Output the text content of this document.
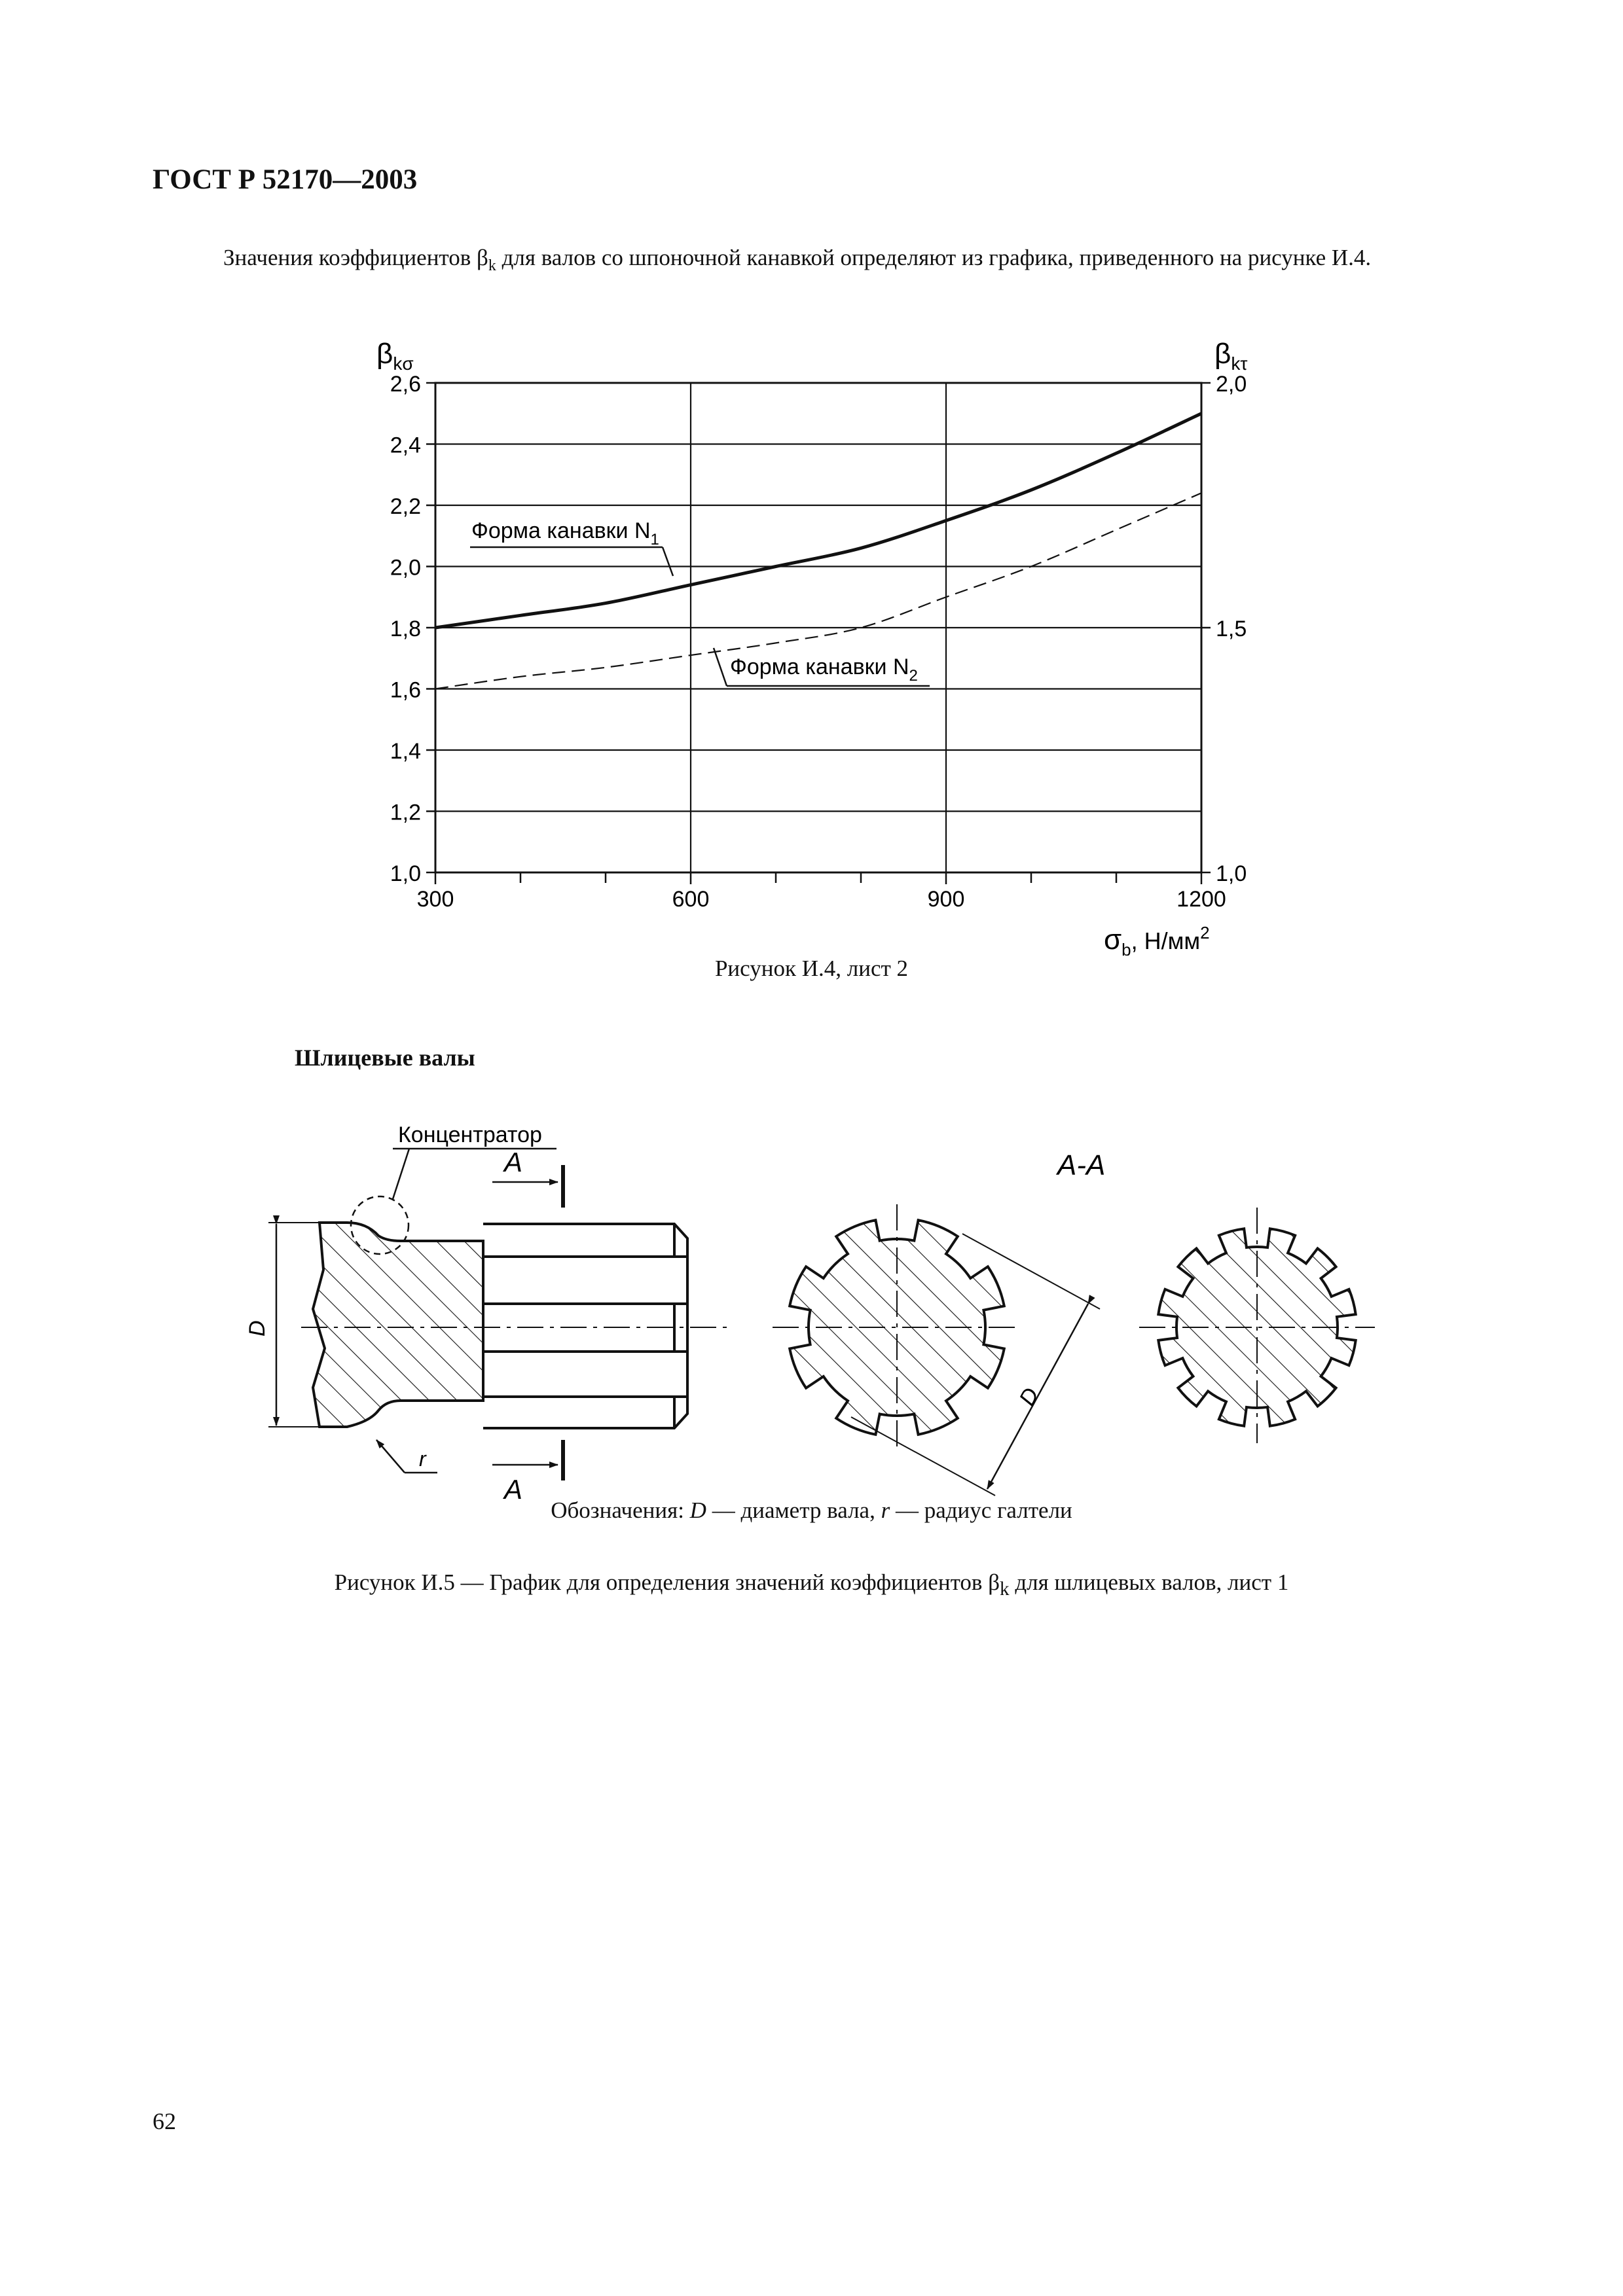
ГОСТ Р 52170—2003
Значения коэффициентов $\beta_k$ для валов со шпоночной канавкой определяют из графика, приведенного на рисунке И.4.
1,0
1,2
1,4
1,6
1,8
2,0
2,2
2,4
2,6
1,0
1,5
2,0
300	600	900	1200
$\beta_{k\sigma}$	$\beta_{k\tau}$
$\sigma_b$, $Н/мм^2$
Форма канавки $N_1$
Форма канавки $N_2$
Рисунок И.4, лист 2
Шлицевые валы
Концентратор
D
r
A
A
A-A
D
Обозначения: D — диаметр вала, r — радиус галтели
Рисунок И.5 — График для определения значений коэффициентов $\beta_k$ для шлицевых валов, лист 1
62
